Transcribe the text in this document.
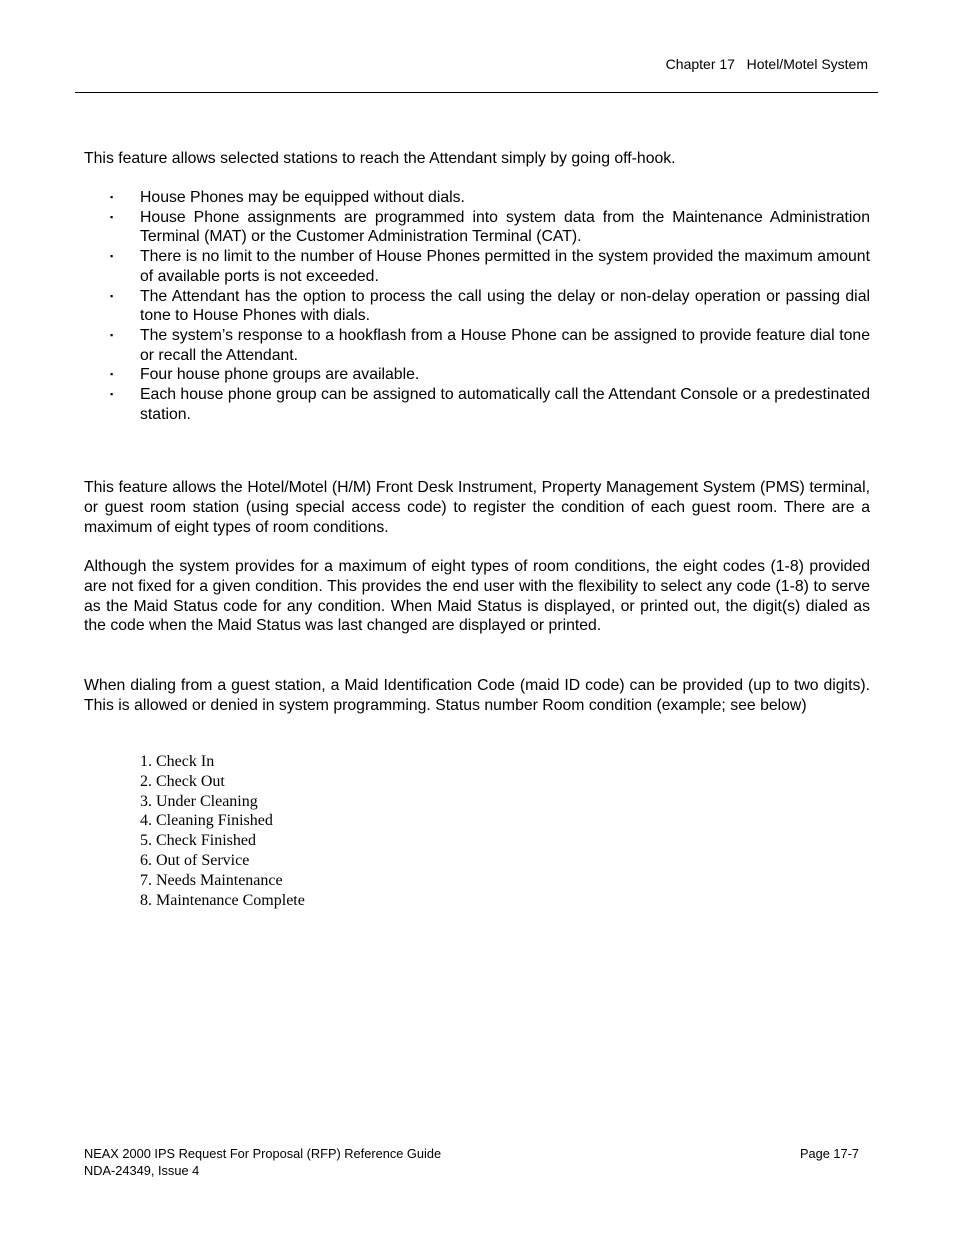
Chapter 17 Hotel/Motel System
This feature allows selected stations to reach the Attendant simply by going off-hook.
▪ House Phones may be equipped without dials.
▪ House Phone assignments are programmed into system data from the Maintenance Administration Terminal (MAT) or the Customer Administration Terminal (CAT).
▪ There is no limit to the number of House Phones permitted in the system provided the maximum amount of available ports is not exceeded.
▪ The Attendant has the option to process the call using the delay or non-delay operation or passing dial tone to House Phones with dials.
▪ The system’s response to a hookflash from a House Phone can be assigned to provide feature dial tone or recall the Attendant.
▪ Four house phone groups are available.
▪ Each house phone group can be assigned to automatically call the Attendant Console or a predestinated station.
This feature allows the Hotel/Motel (H/M) Front Desk Instrument, Property Management System (PMS) terminal, or guest room station (using special access code) to register the condition of each guest room. There are a maximum of eight types of room conditions.
Although the system provides for a maximum of eight types of room conditions, the eight codes (1-8) provided are not fixed for a given condition. This provides the end user with the flexibility to select any code (1-8) to serve as the Maid Status code for any condition. When Maid Status is displayed, or printed out, the digit(s) dialed as the code when the Maid Status was last changed are displayed or printed.
When dialing from a guest station, a Maid Identification Code (maid ID code) can be provided (up to two digits). This is allowed or denied in system programming. Status number Room condition (example; see below)
1. Check In
2. Check Out
3. Under Cleaning
4. Cleaning Finished
5. Check Finished
6. Out of Service
7. Needs Maintenance
8. Maintenance Complete
NEAX 2000 IPS Request For Proposal (RFP) Reference Guide
NDA-24349, Issue 4
Page 17-7
